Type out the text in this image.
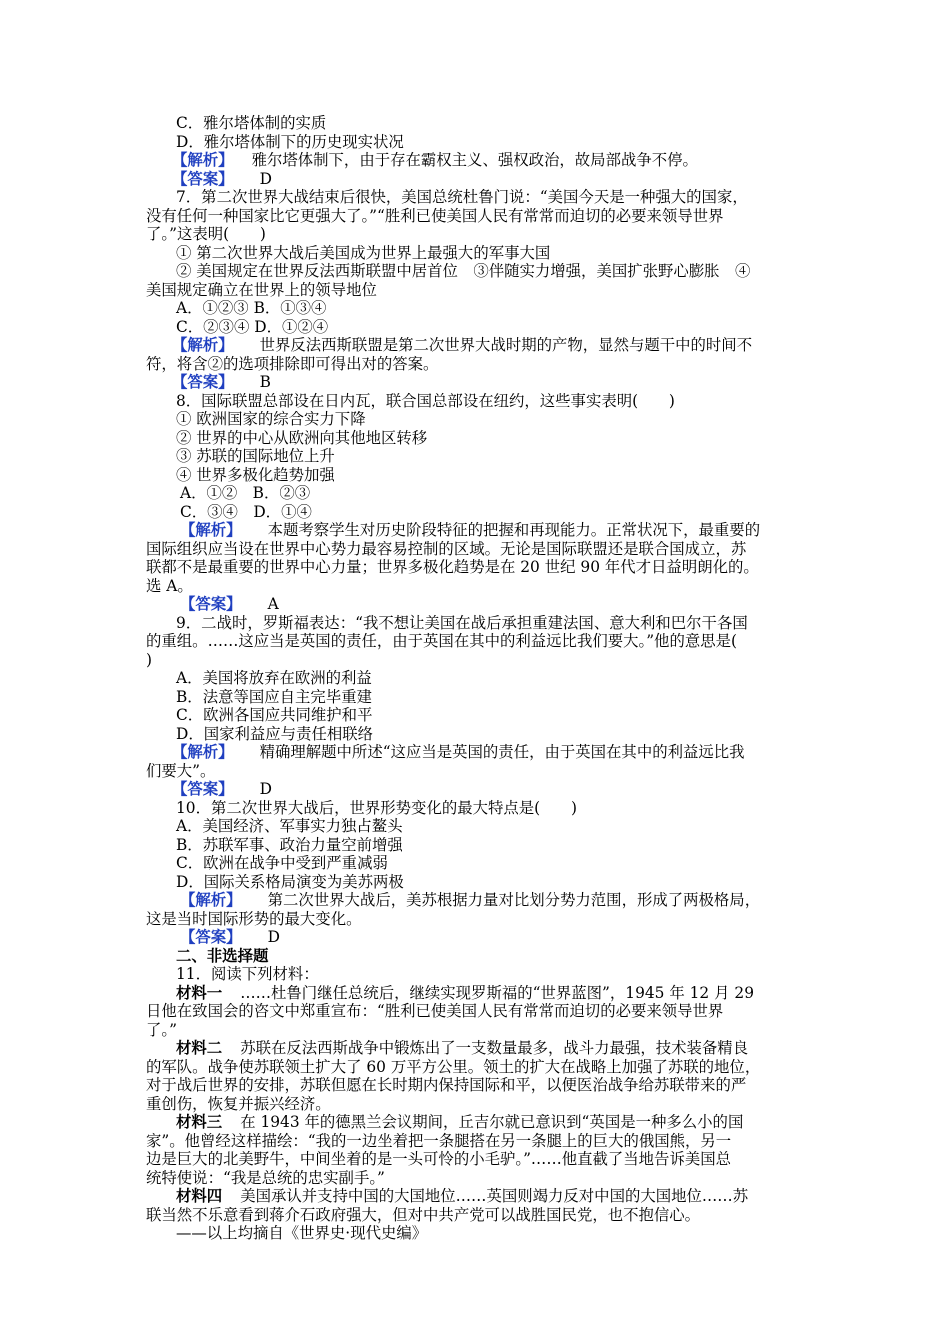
C．雅尔塔体制的实质
D．雅尔塔体制下的历史现实状况
【解析】 雅尔塔体制下，由于存在霸权主义、强权政治，故局部战争不停。
【答案】 D
7．第二次世界大战结束后很快，美国总统杜鲁门说：“美国今天是一种强大的国家，
没有任何一种国家比它更强大了。”“胜利已使美国人民有常常而迫切的必要来领导世界
了。”这表明(　　)
① 第二次世界大战后美国成为世界上最强大的军事大国
② 美国规定在世界反法西斯联盟中居首位　③伴随实力增强，美国扩张野心膨胀　④
美国规定确立在世界上的领导地位
A．①②③ B．①③④
C．②③④ D．①②④
【解析】 世界反法西斯联盟是第二次世界大战时期的产物，显然与题干中的时间不
符，将含②的选项排除即可得出对的答案。
【答案】 B
8．国际联盟总部设在日内瓦，联合国总部设在纽约，这些事实表明(　　)
① 欧洲国家的综合实力下降
② 世界的中心从欧洲向其他地区转移
③ 苏联的国际地位上升
④ 世界多极化趋势加强
A．①②　B．②③
C．③④　D．①④
【解析】 本题考察学生对历史阶段特征的把握和再现能力。正常状况下，最重要的
国际组织应当设在世界中心势力最容易控制的区域。无论是国际联盟还是联合国成立，苏
联都不是最重要的世界中心力量；世界多极化趋势是在 20 世纪 90 年代才日益明朗化的。
选 A。
【答案】 A
9．二战时，罗斯福表达：“我不想让美国在战后承担重建法国、意大利和巴尔干各国
的重组。……这应当是英国的责任，由于英国在其中的利益远比我们要大。”他的意思是(
)
A．美国将放弃在欧洲的利益
B．法意等国应自主完毕重建
C．欧洲各国应共同维护和平
D．国家利益应与责任相联络
【解析】 精确理解题中所述“这应当是英国的责任，由于英国在其中的利益远比我
们要大”。
【答案】 D
10．第二次世界大战后，世界形势变化的最大特点是(　　)
A．美国经济、军事实力独占鳌头
B．苏联军事、政治力量空前增强
C．欧洲在战争中受到严重减弱
D．国际关系格局演变为美苏两极
【解析】 第二次世界大战后，美苏根据力量对比划分势力范围，形成了两极格局，
这是当时国际形势的最大变化。
【答案】 D
二、非选择题
11．阅读下列材料：
材料一 ……杜鲁门继任总统后，继续实现罗斯福的“世界蓝图”，1945 年 12 月 29
日他在致国会的咨文中郑重宣布：“胜利已使美国人民有常常而迫切的必要来领导世界
了。”
材料二 苏联在反法西斯战争中锻炼出了一支数量最多，战斗力最强，技术装备精良
的军队。战争使苏联领土扩大了 60 万平方公里。领土的扩大在战略上加强了苏联的地位，
对于战后世界的安排，苏联但愿在长时期内保持国际和平，以便医治战争给苏联带来的严
重创伤，恢复并振兴经济。
材料三 在 1943 年的德黑兰会议期间，丘吉尔就已意识到“英国是一种多么小的国
家”。他曾经这样描绘：“我的一边坐着把一条腿搭在另一条腿上的巨大的俄国熊，另一
边是巨大的北美野牛，中间坐着的是一头可怜的小毛驴。”……他直截了当地告诉美国总
统特使说：“我是总统的忠实副手。”
材料四 美国承认并支持中国的大国地位……英国则竭力反对中国的大国地位……苏
联当然不乐意看到蒋介石政府强大，但对中共产党可以战胜国民党，也不抱信心。
——以上均摘自《世界史·现代史编》
